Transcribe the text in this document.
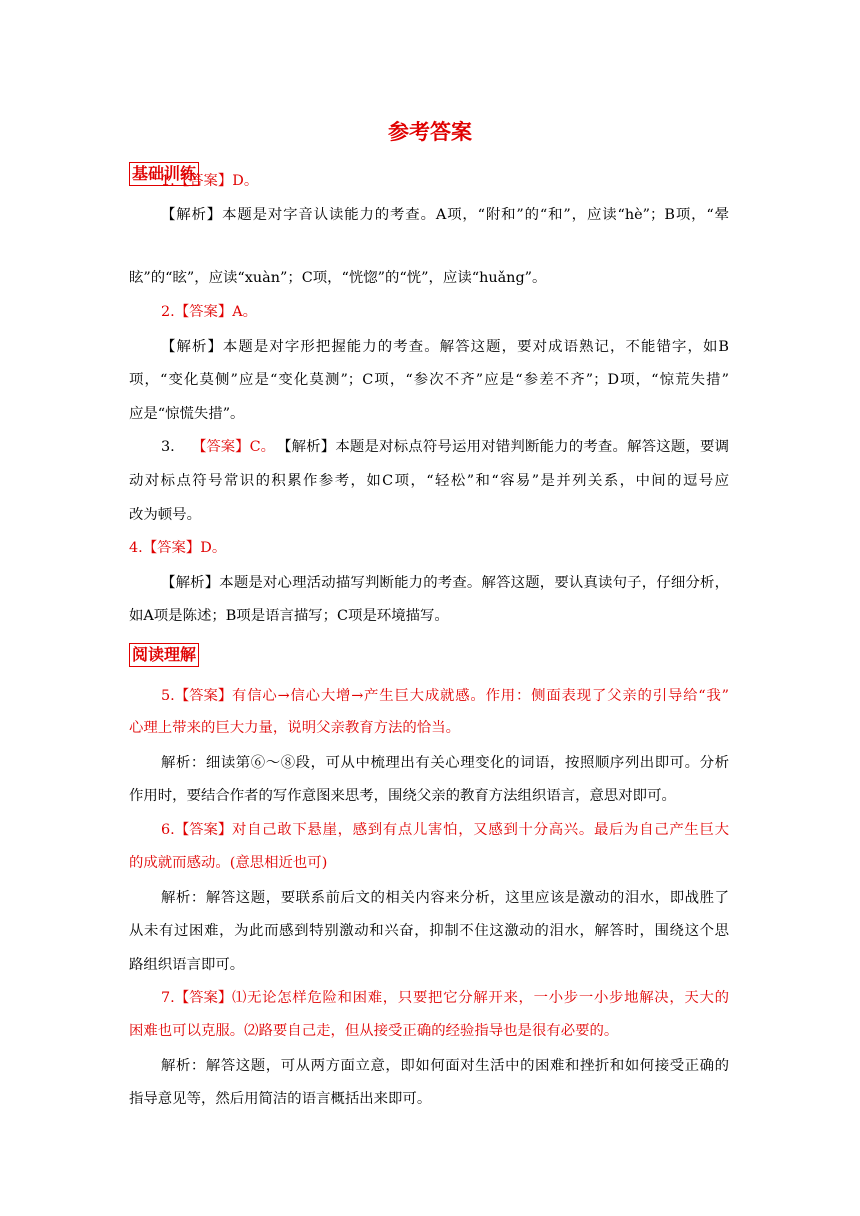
参考答案
基础训练
1.【答案】D。
【解析】本题是对字音认读能力的考查。A项，“附和”的“和”，应读“hè”；B项，“晕
眩”的“眩”，应读“xuàn”；C项，“恍惚”的“恍”，应读“huǎng”。
2.【答案】A。
【解析】本题是对字形把握能力的考查。解答这题，要对成语熟记，不能错字，如B
项，“变化莫侧”应是“变化莫测”；C项，“参次不齐”应是“参差不齐”；D项，“惊荒失措”
应是“惊慌失措”。
3. 【答案】C。 【解析】本题是对标点符号运用对错判断能力的考查。解答这题，要调
动对标点符号常识的积累作参考，如C项，“轻松”和“容易”是并列关系，中间的逗号应
改为顿号。
4.【答案】D。
【解析】本题是对心理活动描写判断能力的考查。解答这题，要认真读句子，仔细分析，
如A项是陈述；B项是语言描写；C项是环境描写。
阅读理解
5.【答案】 有信心→信心大增→产生巨大成就感。作用：侧面表现了父亲的引导给“我”
心理上带来的巨大力量，说明父亲教育方法的恰当。
解析：细读第⑥～⑧段，可从中梳理出有关心理变化的词语，按照顺序列出即可。分析
作用时，要结合作者的写作意图来思考，围绕父亲的教育方法组织语言，意思对即可。
6.【答案】 对自己敢下悬崖，感到有点儿害怕，又感到十分高兴。最后为自己产生巨大
的成就而感动。(意思相近也可)
解析：解答这题，要联系前后文的相关内容来分析，这里应该是激动的泪水，即战胜了
从未有过困难，为此而感到特别激动和兴奋，抑制不住这激动的泪水，解答时，围绕这个思
路组织语言即可。
7.【答案】 ⑴无论怎样危险和困难，只要把它分解开来，一小步一小步地解决，天大的
困难也可以克服。⑵路要自己走，但从接受正确的经验指导也是很有必要的。
解析：解答这题，可从两方面立意，即如何面对生活中的困难和挫折和如何接受正确的
指导意见等，然后用简洁的语言概括出来即可。
